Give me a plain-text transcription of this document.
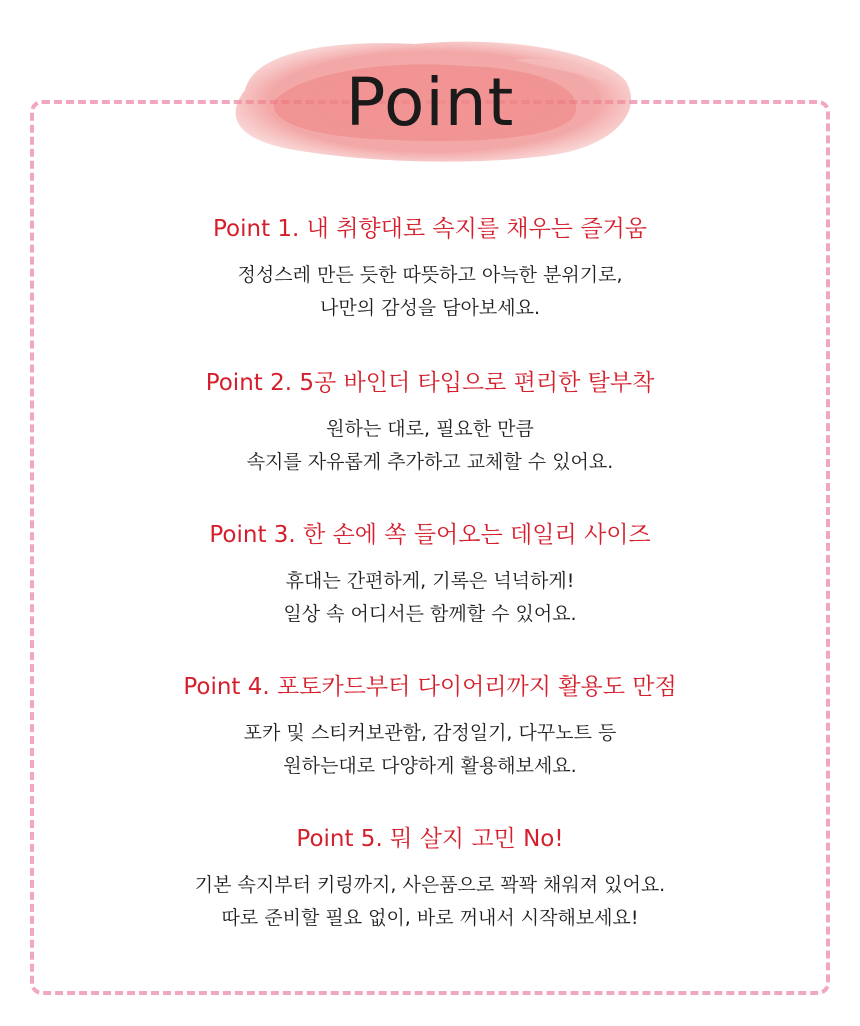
Point
Point 1. 내 취향대로 속지를 채우는 즐거움

정성스레 만든 듯한 따뜻하고 아늑한 분위기로,
나만의 감성을 담아보세요.

Point 2. 5공 바인더 타입으로 편리한 탈부착

원하는 대로, 필요한 만큼
속지를 자유롭게 추가하고 교체할 수 있어요.

Point 3. 한 손에 쏙 들어오는 데일리 사이즈

휴대는 간편하게, 기록은 넉넉하게!
일상 속 어디서든 함께할 수 있어요.

Point 4. 포토카드부터 다이어리까지 활용도 만점

포카 및 스티커보관함, 감정일기, 다꾸노트 등
원하는대로 다양하게 활용해보세요.

Point 5. 뭐 살지 고민 No!

기본 속지부터 키링까지, 사은품으로 꽉꽉 채워져 있어요.
따로 준비할 필요 없이, 바로 꺼내서 시작해보세요!
